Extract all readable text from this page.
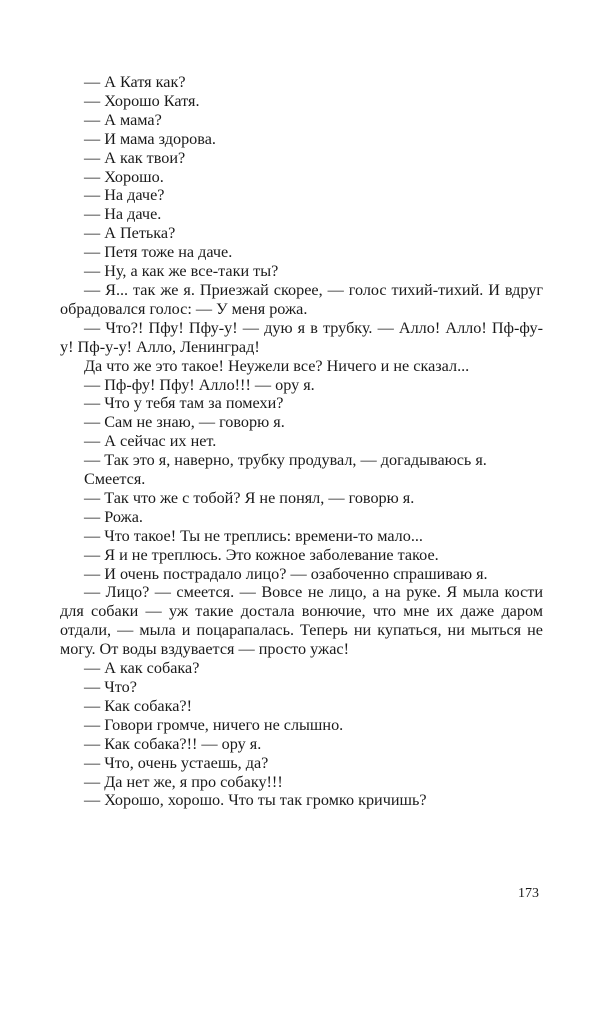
— А Катя как?

— Хорошо Катя.

— А мама?

— И мама здорова.

— А как твои?

— Хорошо.

— На даче?

— На даче.

— А Петька?

— Петя тоже на даче.

— Ну, а как же все-таки ты?

— Я... так же я. Приезжай скорее, — голос тихий-тихий. И вдруг обрадовался голос: — У меня рожа.

— Что?! Пфу! Пфу-у! — дую я в трубку. — Алло! Алло! Пф-фу-у! Пф-у-у! Алло, Ленинград!

Да что же это такое! Неужели все? Ничего и не сказал...

— Пф-фу! Пфу! Алло!!! — ору я.

— Что у тебя там за помехи?

— Сам не знаю, — говорю я.

— А сейчас их нет.

— Так это я, наверно, трубку продувал, — догадываюсь я.

Смеется.

— Так что же с тобой? Я не понял, — говорю я.

— Рожа.

— Что такое! Ты не треплись: времени-то мало...

— Я и не треплюсь. Это кожное заболевание такое.

— И очень пострадало лицо? — озабоченно спрашиваю я.

— Лицо? — смеется. — Вовсе не лицо, а на руке. Я мыла кости для собаки — уж такие достала вонючие, что мне их даже даром отдали, — мыла и поцарапалась. Теперь ни купаться, ни мыться не могу. От воды вздувается — просто ужас!

— А как собака?

— Что?

— Как собака?!

— Говори громче, ничего не слышно.

— Как собака?!! — ору я.

— Что, очень устаешь, да?

— Да нет же, я про собаку!!!

— Хорошо, хорошо. Что ты так громко кричишь?

173
